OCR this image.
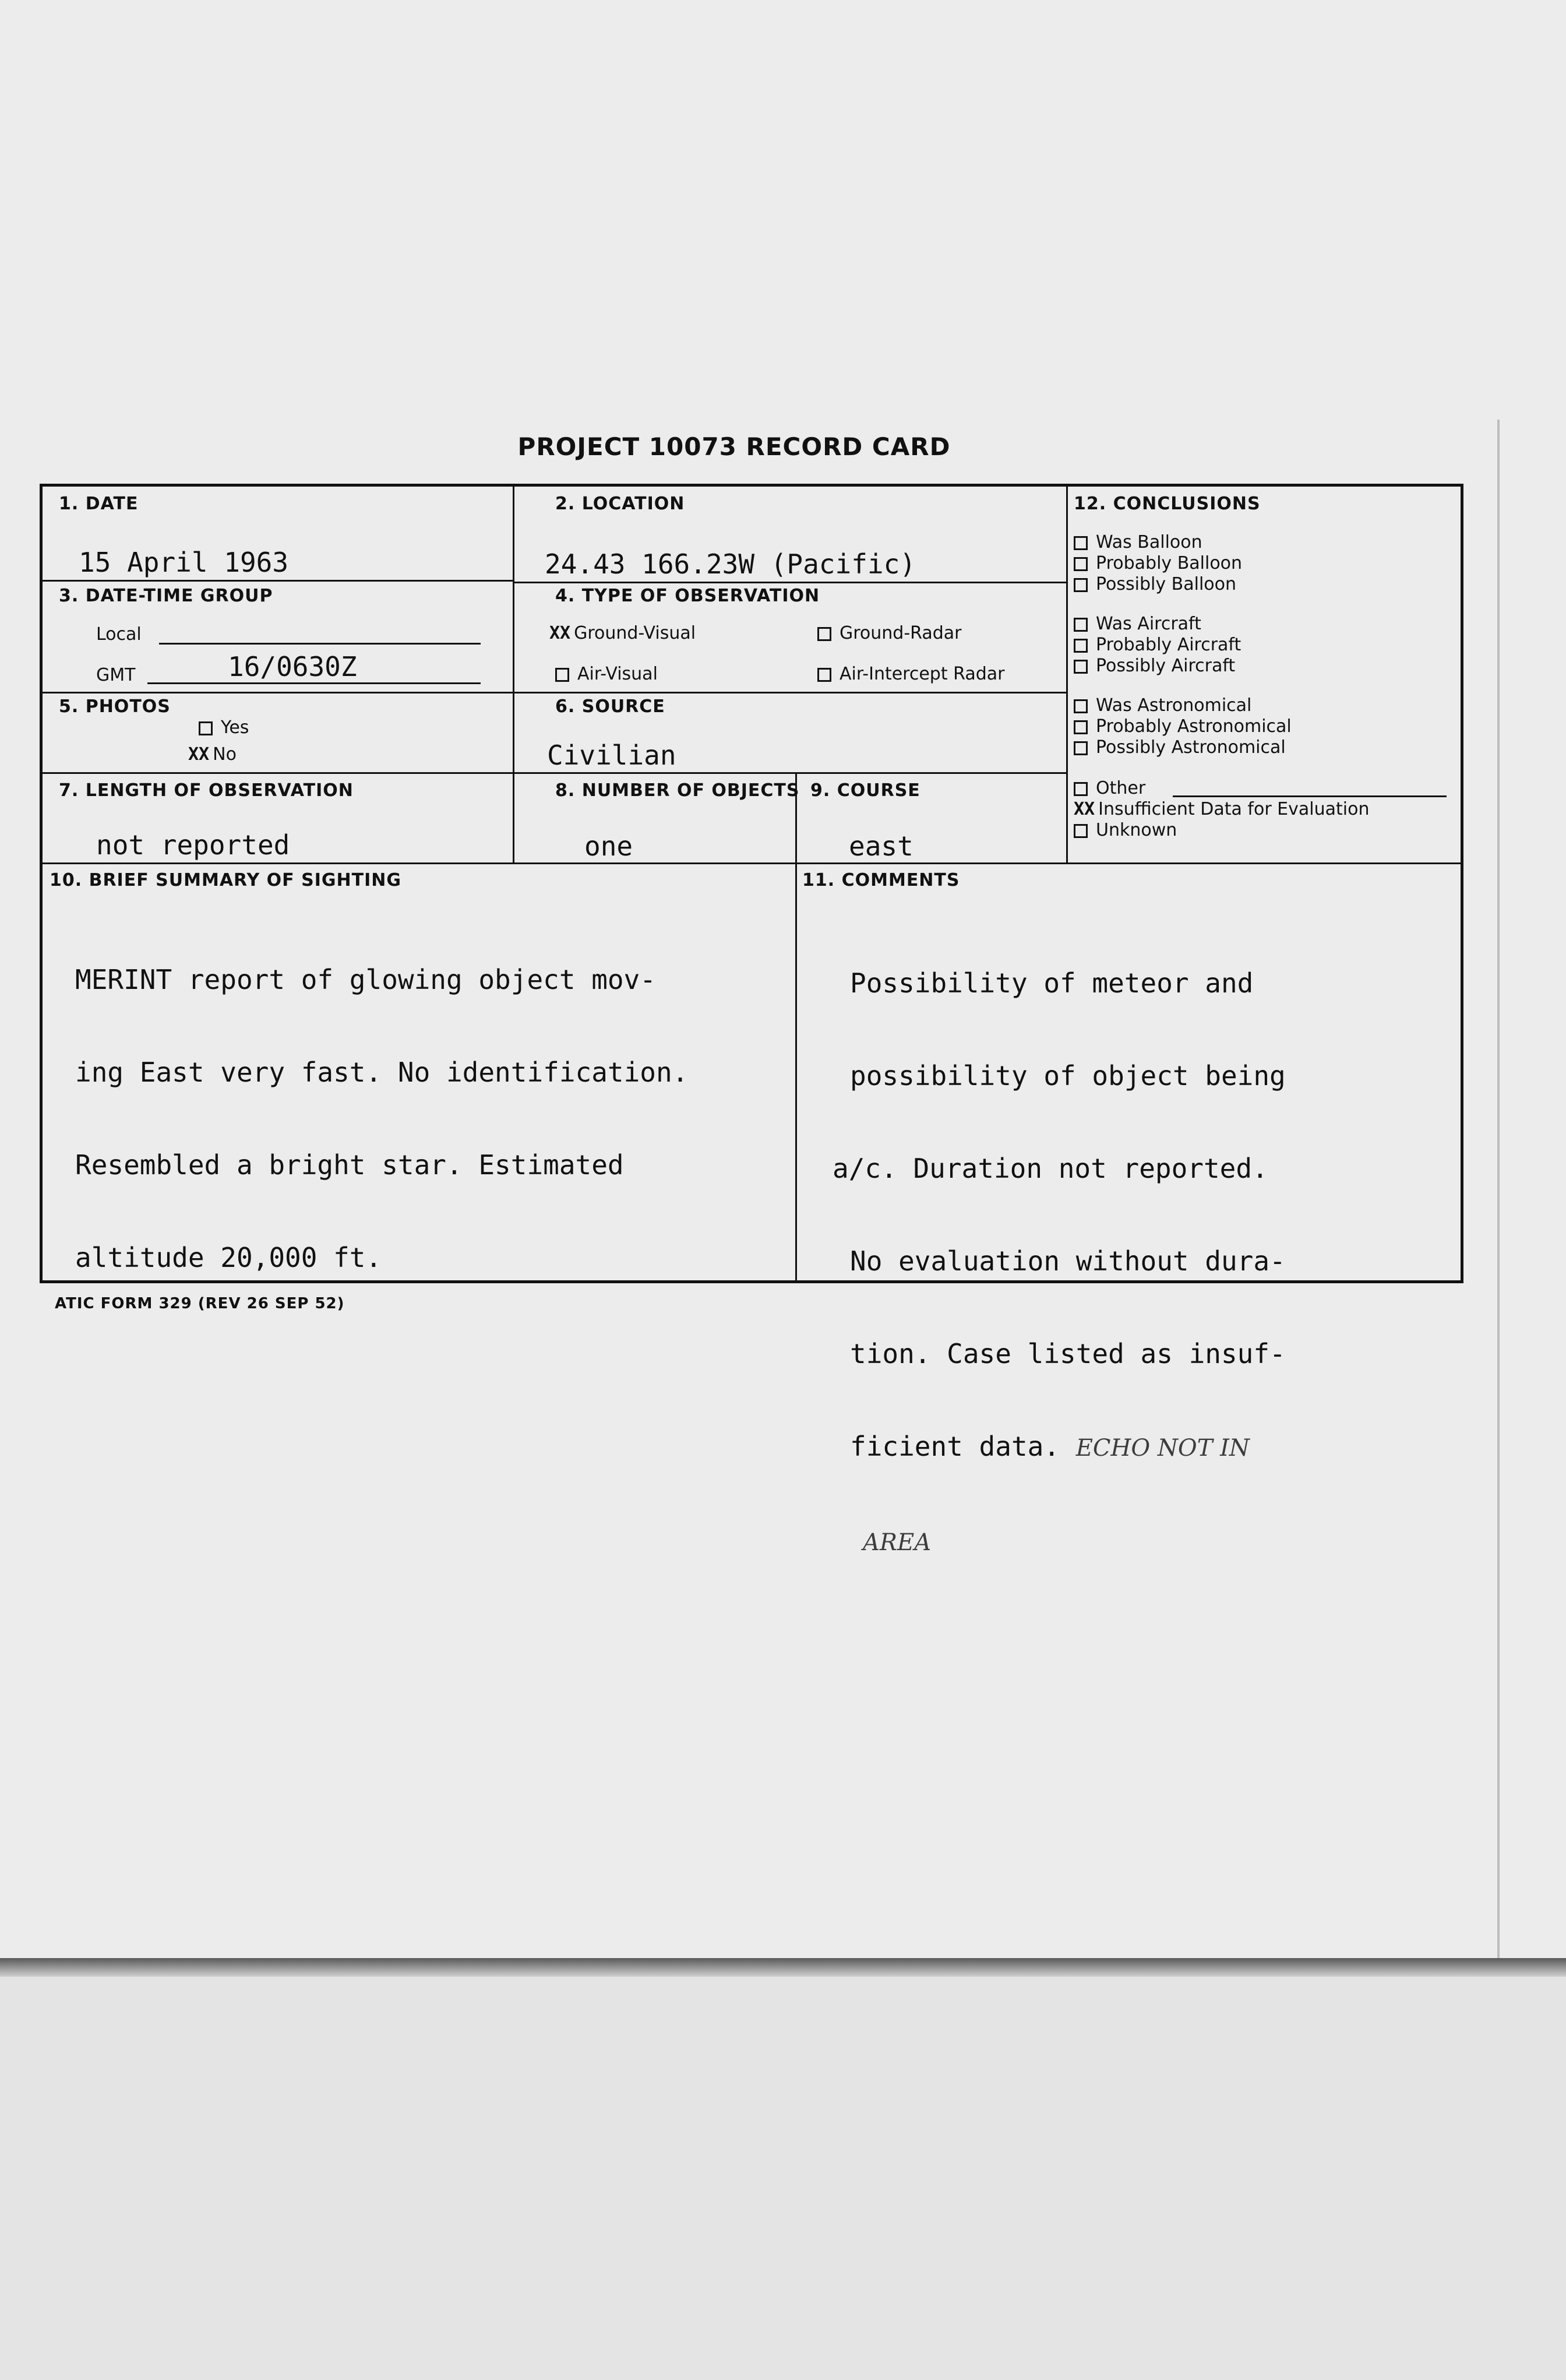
PROJECT 10073 RECORD CARD
1. DATE
15 April 1963
2. LOCATION
24.43 166.23W (Pacific)
3. DATE-TIME GROUP
Local
GMT	16/0630Z
4. TYPE OF OBSERVATION
XX Ground-Visual	Ground-Radar
Air-Visual	Air-Intercept Radar
5. PHOTOS
Yes
XX No
6. SOURCE
Civilian
7. LENGTH OF OBSERVATION
not reported
8. NUMBER OF OBJECTS
one
9. COURSE
east
12. CONCLUSIONS
Was Balloon
Probably Balloon
Possibly Balloon
Was Aircraft
Probably Aircraft
Possibly Aircraft
Was Astronomical
Probably Astronomical
Possibly Astronomical
Other
XX Insufficient Data for Evaluation
Unknown
10. BRIEF SUMMARY OF SIGHTING

MERINT report of glowing object mov-

ing East very fast. No identification.

Resembled a bright star. Estimated

altitude 20,000 ft.

11. COMMENTS

Possibility of meteor and

possibility of object being

a/c. Duration not reported.

No evaluation without dura-

tion. Case listed as insuf-

ficient data. ECHO NOT IN

AREA

ATIC FORM 329 (REV 26 SEP 52)
